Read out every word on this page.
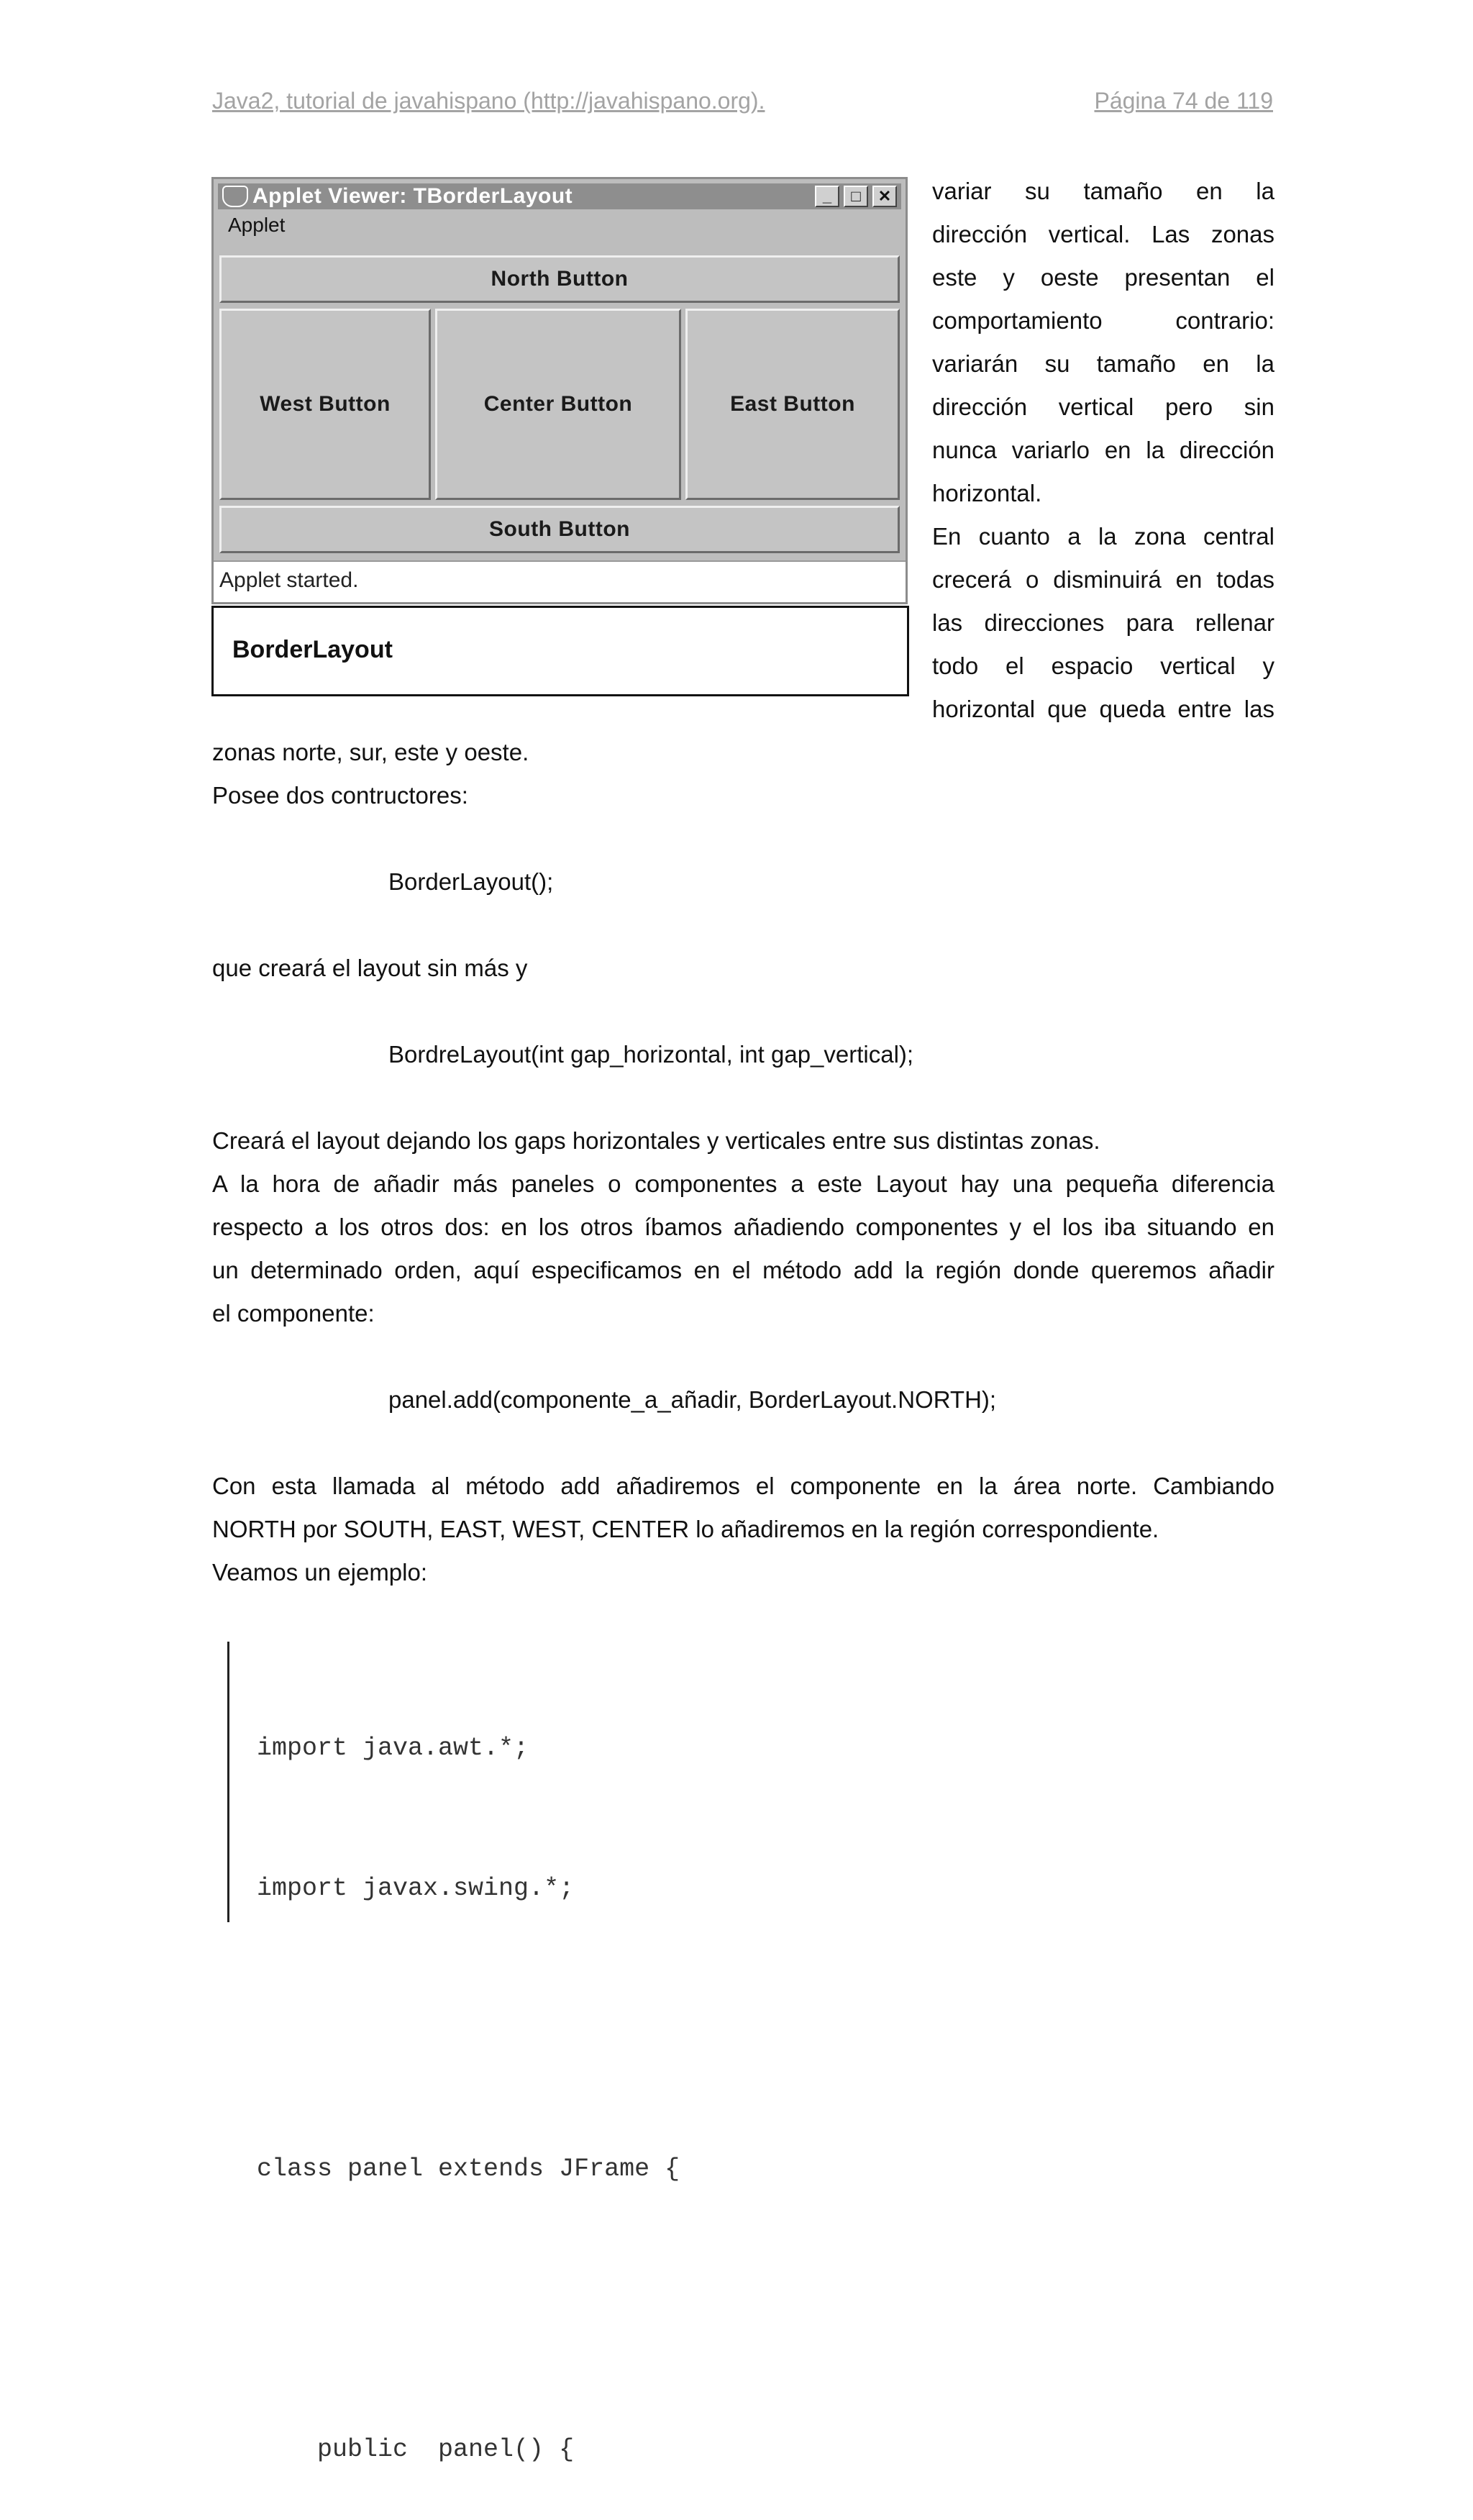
Java2, tutorial de javahispano (http://javahispano.org).	Página 74 de 119
Applet Viewer: TBorderLayout	_	□	✕
Applet
North Button
West Button	Center Button	East Button
South Button
Applet started.
BorderLayout
variar su tamaño en la
dirección vertical. Las zonas
este y oeste presentan el
comportamiento contrario:
variarán su tamaño en la
dirección vertical pero sin
nunca variarlo en la dirección
horizontal.
En cuanto a la zona central
crecerá o disminuirá en todas
las direcciones para rellenar
todo el espacio vertical y
horizontal que queda entre las
zonas norte, sur, este y oeste.
Posee dos contructores:
BorderLayout();
que creará el layout sin más y
BordreLayout(int gap_horizontal, int gap_vertical);
Creará el layout dejando los gaps horizontales y verticales entre sus distintas zonas.
A la hora de añadir más paneles o componentes a este Layout hay una pequeña diferencia
respecto a los otros dos: en los otros íbamos añadiendo componentes y el los iba situando en
un determinado orden, aquí especificamos en el método add la región donde queremos añadir
el componente:
panel.add(componente_a_añadir, BorderLayout.NORTH);
Con esta llamada al método add añadiremos el componente en la área norte. Cambiando
NORTH por SOUTH, EAST, WEST, CENTER lo añadiremos en la región correspondiente.
Veamos un ejemplo:

import java.awt.*;

import javax.swing.*;

class panel extends JFrame {

public  panel() {
